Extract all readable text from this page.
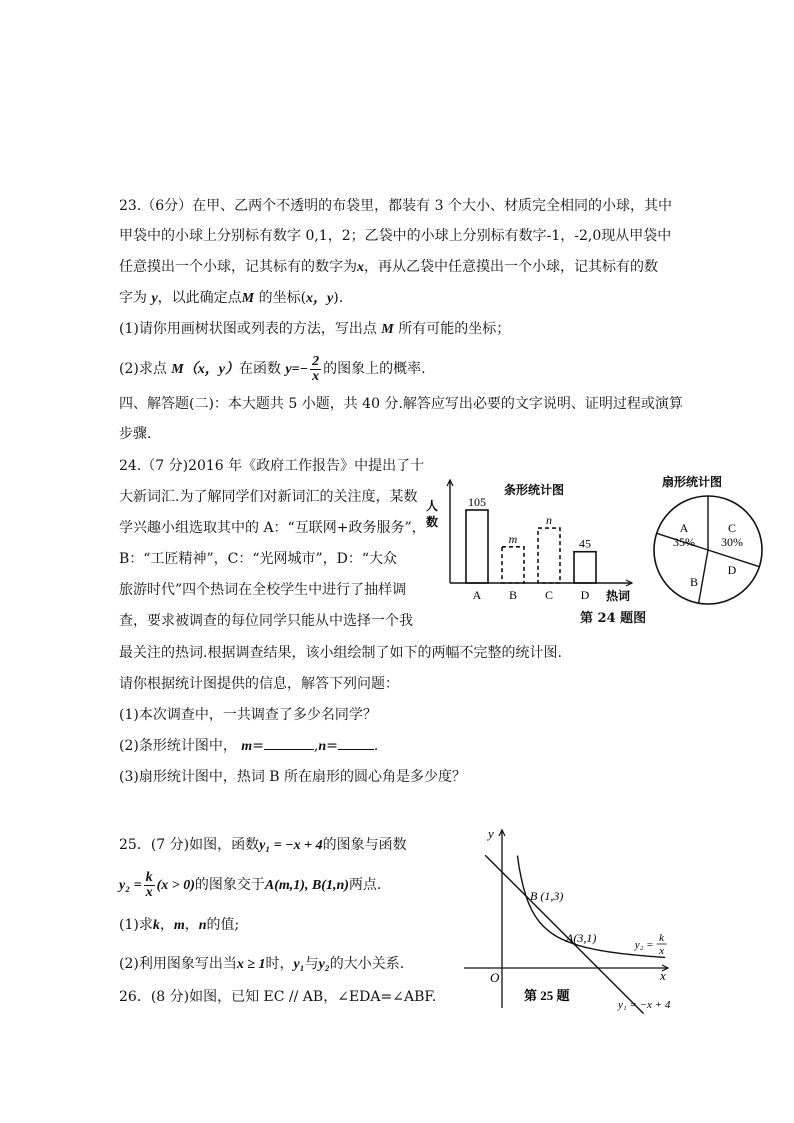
23.（6分）在甲、乙两个不透明的布袋里，都装有 3 个大小、材质完全相同的小球，其中
甲袋中的小球上分别标有数字 0,1，2；乙袋中的小球上分别标有数字-1，-2,0现从甲袋中
任意摸出一个小球，记其标有的数字为x，再从乙袋中任意摸出一个小球，记其标有的数
字为 y，以此确定点M 的坐标(x，y).
(1)请你用画树状图或列表的方法，写出点 M 所有可能的坐标；
(2)求点 M（x，y）在函数 $y=- \frac{2}{x}$ 的图象上的概率.
四、解答题(二)：本大题共 5 小题，共 40 分.解答应写出必要的文字说明、证明过程或演算
步骤.
24.（7 分)2016 年《政府工作报告》中提出了十
大新词汇.为了解同学们对新词汇的关注度，某数
学兴趣小组选取其中的 A：“互联网+政务服务”，
B：“工匠精神”，C：“光网城市”，D：“大众
旅游时代”四个热词在全校学生中进行了抽样调
查，要求被调查的每位同学只能从中选择一个我
最关注的热词.根据调查结果，该小组绘制了如下的两幅不完整的统计图.
请你根据统计图提供的信息，解答下列问题：
(1)本次调查中，一共调查了多少名同学？
(2)条形统计图中， m=	,n=	.
(3)扇形统计图中，热词 B 所在扇形的圆心角是多少度？
105
A
m
B
n
C
45
D
条形统计图
人
数
热词
第 24 题图
扇形统计图
A
35%
C
30%
D
B
25．(7 分)如图，函数y₁ = −x + 4的图象与函数
$y_2 = \frac{k}{x} (x > 0)$的图象交于A(m,1), B(1,n)两点.
(1)求k，m，n的值;
(2)利用图象写出当x ≥ 1时，y₁与y₂的大小关系.
x
y
O
B (1,3)
A(3,1)	y₂ =
k
x
y₁ = −x + 4
第 25 题
26．(8 分)如图，已知 EC // AB，∠EDA=∠ABF.
